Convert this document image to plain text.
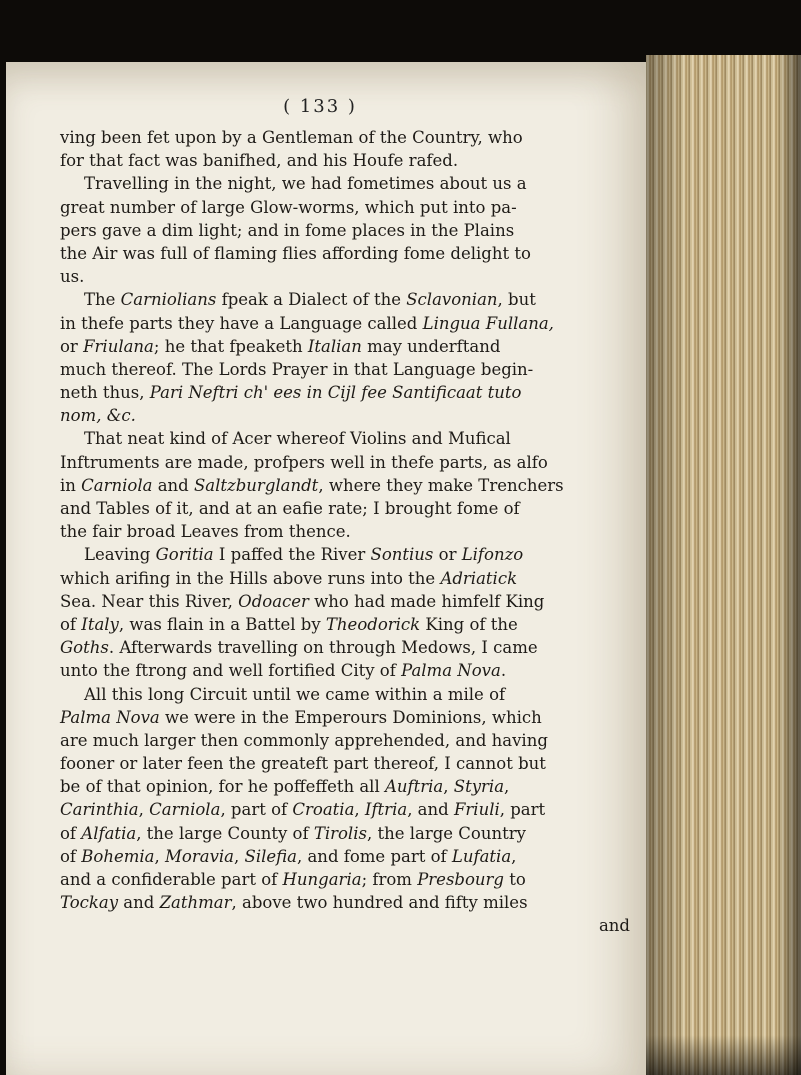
( 133 )
ving been fet upon by a Gentleman of the Country, who
for that fact was banifhed, and his Houfe rafed.
Travelling in the night, we had fometimes about us a
great number of large Glow-worms, which put into pa-
pers gave a dim light; and in fome places in the Plains
the Air was full of flaming flies affording fome delight to
us.
The Carniolians fpeak a Dialect of the Sclavonian, but
in thefe parts they have a Language called Lingua Fullana,
or Friulana; he that fpeaketh Italian may underftand
much thereof. The Lords Prayer in that Language begin-
neth thus, Pari Neftri ch' ees in Cijl fee Santificaat tuto
nom, &c.
That neat kind of Acer whereof Violins and Mufical
Inftruments are made, profpers well in thefe parts, as alfo
in Carniola and Saltzburglandt, where they make Trenchers
and Tables of it, and at an eafie rate; I brought fome of
the fair broad Leaves from thence.
Leaving Goritia I paffed the River Sontius or Lifonzo
which arifing in the Hills above runs into the Adriatick
Sea. Near this River, Odoacer who had made himfelf King
of Italy, was flain in a Battel by Theodorick King of the
Goths. Afterwards travelling on through Medows, I came
unto the ftrong and well fortified City of Palma Nova.
All this long Circuit until we came within a mile of
Palma Nova we were in the Emperours Dominions, which
are much larger then commonly apprehended, and having
fooner or later feen the greateft part thereof, I cannot but
be of that opinion, for he poffeffeth all Auftria, Styria,
Carinthia, Carniola, part of Croatia, Iftria, and Friuli, part
of Alfatia, the large County of Tirolis, the large Country
of Bohemia, Moravia, Silefia, and fome part of Lufatia,
and a confiderable part of Hungaria; from Presbourg to
Tockay and Zathmar, above two hundred and fifty miles
and
